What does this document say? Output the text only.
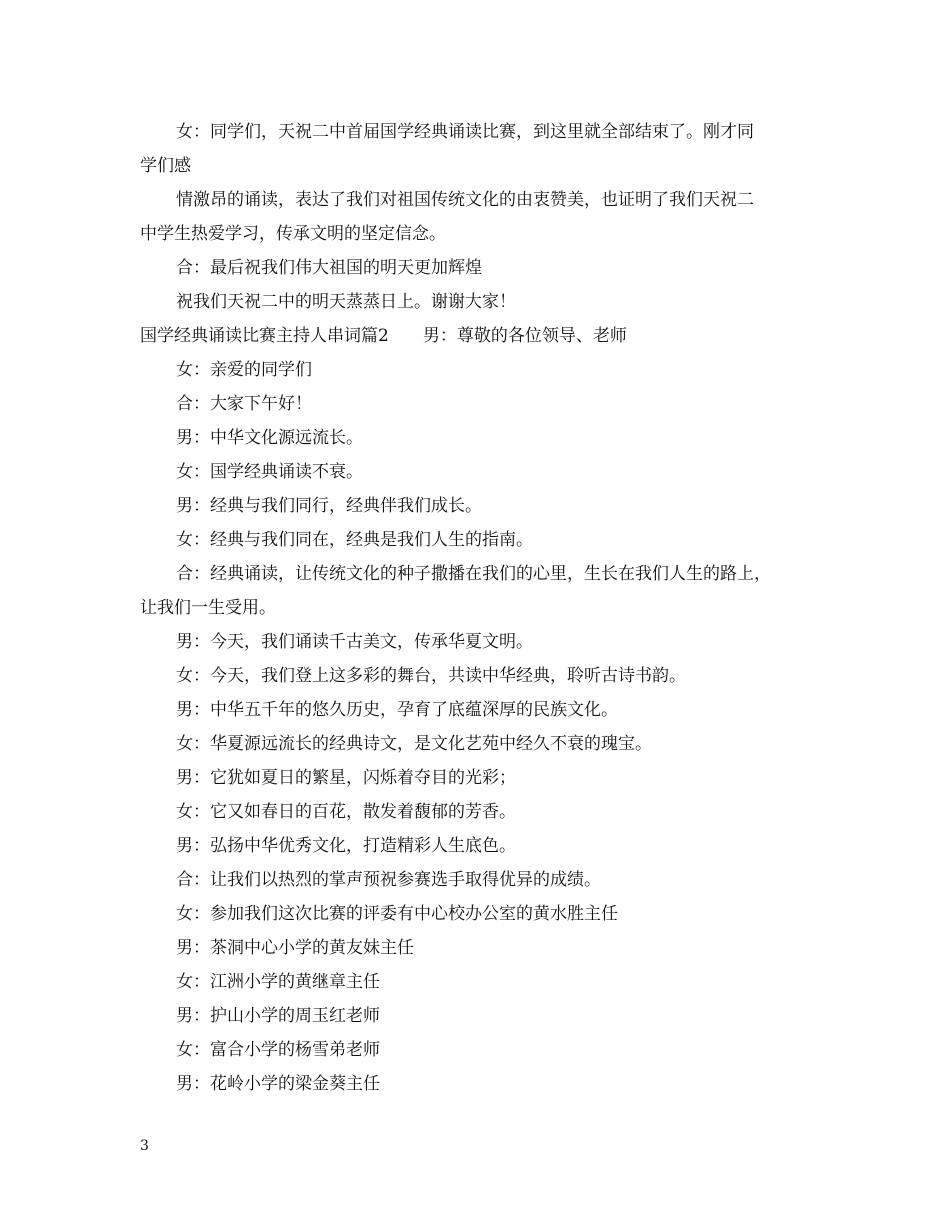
女：同学们，天祝二中首届国学经典诵读比赛，到这里就全部结束了。刚才同
学们感
情激昂的诵读，表达了我们对祖国传统文化的由衷赞美，也证明了我们天祝二
中学生热爱学习，传承文明的坚定信念。
合：最后祝我们伟大祖国的明天更加辉煌
祝我们天祝二中的明天蒸蒸日上。谢谢大家！
国学经典诵读比赛主持人串词篇2　　男：尊敬的各位领导、老师
女：亲爱的同学们
合：大家下午好！
男：中华文化源远流长。
女：国学经典诵读不衰。
男：经典与我们同行，经典伴我们成长。
女：经典与我们同在，经典是我们人生的指南。
合：经典诵读，让传统文化的种子撒播在我们的心里，生长在我们人生的路上，
让我们一生受用。
男：今天，我们诵读千古美文，传承华夏文明。
女：今天，我们登上这多彩的舞台，共读中华经典，聆听古诗书韵。
男：中华五千年的悠久历史，孕育了底蕴深厚的民族文化。
女：华夏源远流长的经典诗文，是文化艺苑中经久不衰的瑰宝。
男：它犹如夏日的繁星，闪烁着夺目的光彩；
女：它又如春日的百花，散发着馥郁的芳香。
男：弘扬中华优秀文化，打造精彩人生底色。
合：让我们以热烈的掌声预祝参赛选手取得优异的成绩。
女：参加我们这次比赛的评委有中心校办公室的黄水胜主任
男：茶洞中心小学的黄友妹主任
女：江洲小学的黄继章主任
男：护山小学的周玉红老师
女：富合小学的杨雪弟老师
男：花岭小学的梁金葵主任
3
